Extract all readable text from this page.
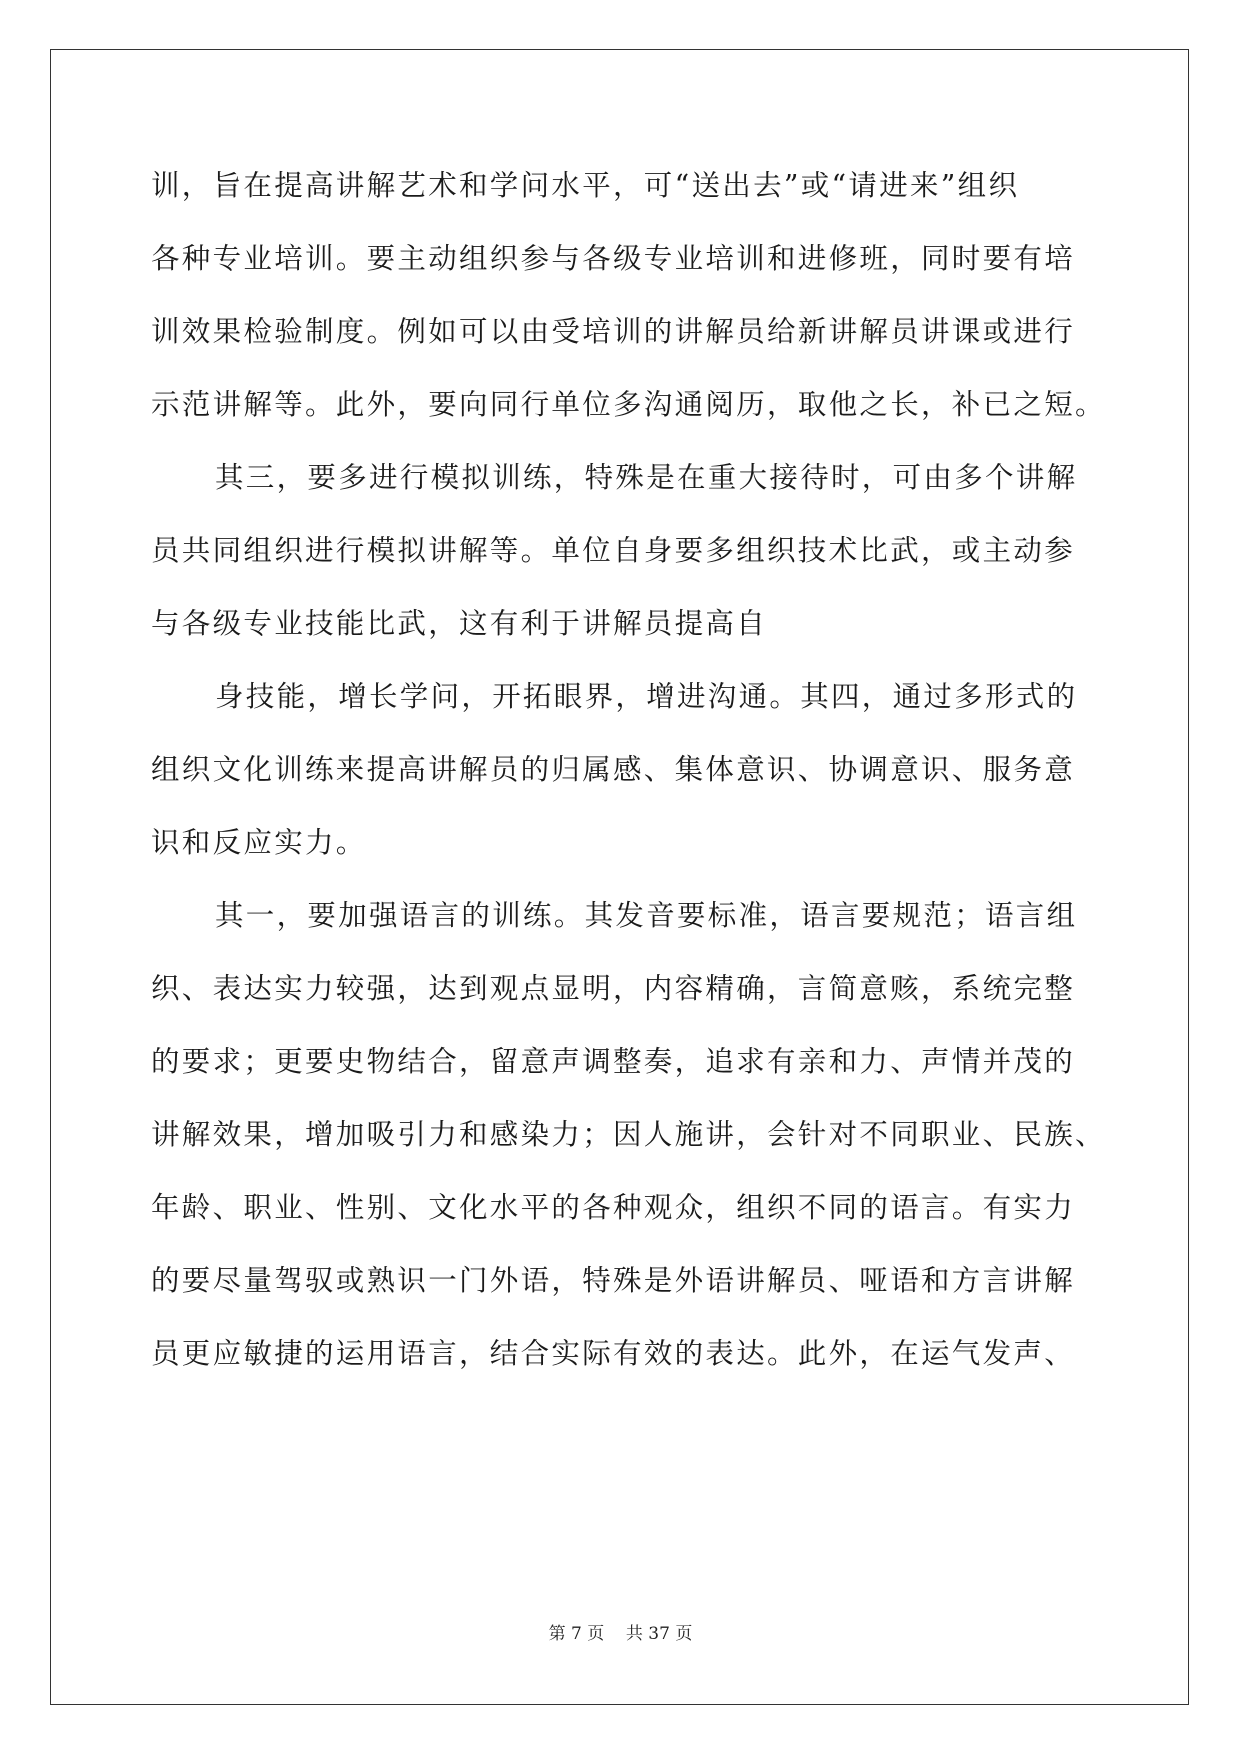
训，旨在提高讲解艺术和学问水平，可“送出去”或“请进来”组织
各种专业培训。要主动组织参与各级专业培训和进修班，同时要有培
训效果检验制度。例如可以由受培训的讲解员给新讲解员讲课或进行
示范讲解等。此外，要向同行单位多沟通阅历，取他之长，补已之短。
其三，要多进行模拟训练，特殊是在重大接待时，可由多个讲解
员共同组织进行模拟讲解等。单位自身要多组织技术比武，或主动参
与各级专业技能比武，这有利于讲解员提高自
身技能，增长学问，开拓眼界，增进沟通。其四，通过多形式的
组织文化训练来提高讲解员的归属感、集体意识、协调意识、服务意
识和反应实力。
其一，要加强语言的训练。其发音要标准，语言要规范；语言组
织、表达实力较强，达到观点显明，内容精确，言简意赅，系统完整
的要求；更要史物结合，留意声调整奏，追求有亲和力、声情并茂的
讲解效果，增加吸引力和感染力；因人施讲，会针对不同职业、民族、
年龄、职业、性别、文化水平的各种观众，组织不同的语言。有实力
的要尽量驾驭或熟识一门外语，特殊是外语讲解员、哑语和方言讲解
员更应敏捷的运用语言，结合实际有效的表达。此外，在运气发声、
第 7 页 共 37 页
